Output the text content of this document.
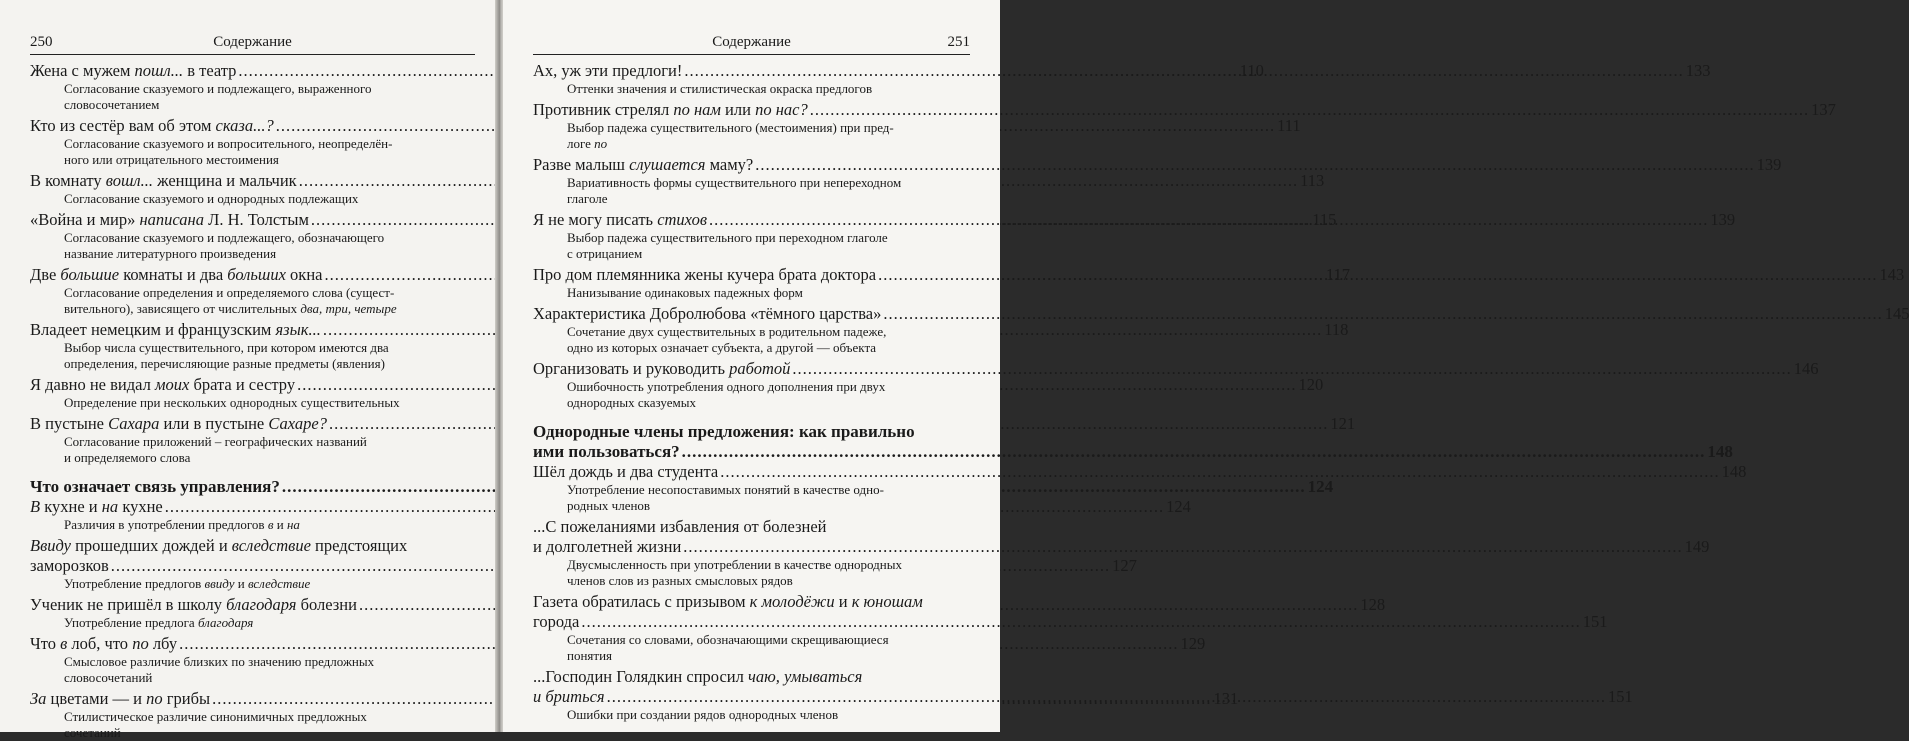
250	Содержание
Жена с мужем пошл... в театр .....	110
Согласование сказуемого и подлежащего, выраженного
словосочетанием
Кто из сестёр вам об этом сказа...? .....	111
Согласование сказуемого и вопросительного, неопределён-
ного или отрицательного местоимения
В комнату вошл... женщина и мальчик .....	113
Согласование сказуемого и однородных подлежащих
«Война и мир» написана Л. Н. Толстым .....	115
Согласование сказуемого и подлежащего, обозначающего
название литературного произведения
Две большие комнаты и два больших окна .....	117
Согласование определения и определяемого слова (сущест-
вительного), зависящего от числительных два, три, четыре
Владеет немецким и французским язык... .....	118
Выбор числа существительного, при котором имеются два
определения, перечисляющие разные предметы (явления)
Я давно не видал моих брата и сестру .....	120
Определение при нескольких однородных существительных
В пустыне Сахара или в пустыне Сахаре? .....	121
Согласование приложений – географических названий
и определяемого слова
Что означает связь управления? .....	124
В кухне и на кухне .....	124
Различия в употреблении предлогов в и на
Ввиду прошедших дождей и вследствие предстоящих
заморозков .....	127
Употребление предлогов ввиду и вследствие
Ученик не пришёл в школу благодаря болезни .....	128
Употребление предлога благодаря
Что в лоб, что по лбу .....	129
Смысловое различие близких по значению предложных
словосочетаний
За цветами — и по грибы .....	131
Стилистическое различие синонимичных предложных
сочетаний
Содержание	251
Ах, уж эти предлоги! .....	133
Оттенки значения и стилистическая окраска предлогов
Противник стрелял по нам или по нас? .....	137
Выбор падежа существительного (местоимения) при пред-
логе по
Разве малыш слушается маму? .....	139
Вариативность формы существительного при непереходном
глаголе
Я не могу писать стихов .....	139
Выбор падежа существительного при переходном глаголе
с отрицанием
Про дом племянника жены кучера брата доктора .....	143
Нанизывание одинаковых падежных форм
Характеристика Добролюбова «тёмного царства» .....	145
Сочетание двух существительных в родительном падеже,
одно из которых означает субъекта, а другой — объекта
Организовать и руководить работой .....	146
Ошибочность употребления одного дополнения при двух
однородных сказуемых
Однородные члены предложения: как правильно
ими пользоваться? .....	148
Шёл дождь и два студента .....	148
Употребление несопоставимых понятий в качестве одно-
родных членов
...С пожеланиями избавления от болезней
и долголетней жизни .....	149
Двусмысленность при употреблении в качестве однородных
членов слов из разных смысловых рядов
Газета обратилась с призывом к молодёжи и к юношам
города .....	151
Сочетания со словами, обозначающими скрещивающиеся
понятия
...Господин Голядкин спросил чаю, умываться
и бриться .....	151
Ошибки при создании рядов однородных членов
